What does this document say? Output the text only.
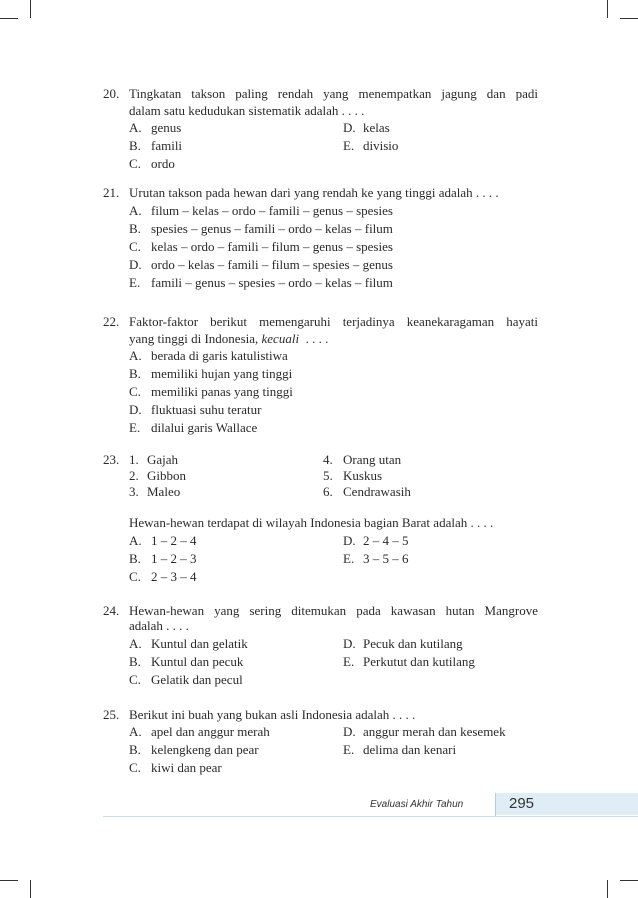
20. Tingkatan takson paling rendah yang menempatkan jagung dan padi
dalam satu kedudukan sistematik adalah . . . .
A. genus	D. kelas
B. famili	E. divisio
C. ordo
21. Urutan takson pada hewan dari yang rendah ke yang tinggi adalah . . . .
A. filum – kelas – ordo – famili – genus – spesies
B. spesies – genus – famili – ordo – kelas – filum
C. kelas – ordo – famili – filum – genus – spesies
D. ordo – kelas – famili – filum – spesies – genus
E. famili – genus – spesies – ordo – kelas – filum
22. Faktor-faktor berikut memengaruhi terjadinya keanekaragaman hayati
yang tinggi di Indonesia, kecuali . . . .
A. berada di garis katulistiwa
B. memiliki hujan yang tinggi
C. memiliki panas yang tinggi
D. fluktuasi suhu teratur
E. dilalui garis Wallace
23. 1. Gajah	4. Orang utan
2. Gibbon	5. Kuskus
3. Maleo	6. Cendrawasih
Hewan-hewan terdapat di wilayah Indonesia bagian Barat adalah . . . .
A. 1 – 2 – 4	D. 2 – 4 – 5
B. 1 – 2 – 3	E. 3 – 5 – 6
C. 2 – 3 – 4
24. Hewan-hewan yang sering ditemukan pada kawasan hutan Mangrove
adalah . . . .
A. Kuntul dan gelatik	D. Pecuk dan kutilang
B. Kuntul dan pecuk	E. Perkutut dan kutilang
C. Gelatik dan pecul
25. Berikut ini buah yang bukan asli Indonesia adalah . . . .
A. apel dan anggur merah	D. anggur merah dan kesemek
B. kelengkeng dan pear	E. delima dan kenari
C. kiwi dan pear
Evaluasi Akhir Tahun	295
